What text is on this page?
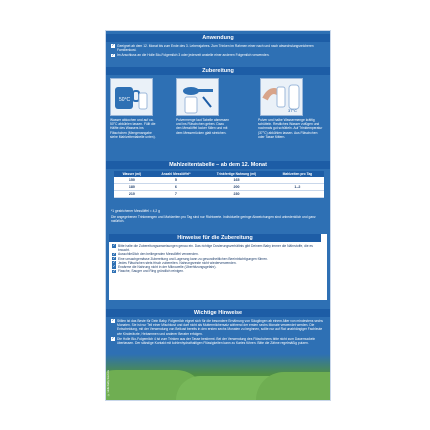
Anwendung

✓ Geeignet ab dem 12. Monat bis zum Ende des 3. Lebensjahres. Zum Trinken im Rahmen einer nach und nach abwechslungsreicheren Familienkost.

✓ Im Anschluss an die Holle Bio-Folgemilch 3 oder jederzeit anstelle einer anderen Folgemilch verwenden.

Zubereitung
50°C
37°C
Wasser abkochen und auf ca. 50°C abkühlen lassen. Füllt die Hälfte des Wassers ins Fläschchen (Mengenangabe siehe Mahlzeitentabelle unten).
Pulvermenge laut Tabelle abmessen und ins Fläschchen geben. Dazu den Messlöffel locker füllen und mit dem Messerrücken glatt streichen.
Pulver und halbe Wassermenge kräftig schütteln. Restliches Wasser zufügen und nochmals gut schütteln. Auf Trinktemperatur (37°C) abkühlen lassen. Aus Fläschchen oder Tasse füttern.
Mahlzeitentabelle – ab dem 12. Monat
Wasser (ml)	Anzahl Messlöffel*	Trinkfertige Nahrung (ml)	Mahlzeiten pro Tag
150	5	165	
180	6	200	1–2
210	7	230	
*1 gestrichener Messlöffel = 4,2 g
Die angegebenen Trinkmengen und Mahlzeiten pro Tag sind nur Richtwerte. Individuelle geringe Abweichungen sind unbedenklich und ganz natürlich.
Hinweise für die Zubereitung

✓ Bitte halte die Zubereitungsanweisungen genau ein. Das richtige Dosierungsverhältnis gibt Deinem Baby immer die Nährstoffe, die es braucht.

✓ Ausschließlich den beiliegenden Messlöffel verwenden.

✓ Eine unsachgemässe Zubereitung und Lagerung kann zu gesundheitlichen Beeinträchtigungen führen.

✓ Jedes Fläschchen stets frisch zubereiten. Nahrungsreste nicht wiederverwenden.

✓ Erwärme die Nahrung nicht in der Mikrowelle (Überhitzungsgefahr).

✓ Flasche, Sauger und Ring gründlich reinigen.

Wichtige Hinweise

✓ Stillen ist das Beste für Dein Baby. Folgemilch eignet sich für die besondere Ernährung von Säuglingen ab einem Alter von mindestens sechs Monaten. Sie ist nur Teil einer Mischkost und darf nicht als Muttermilchersatz während der ersten sechs Monate verwendet werden. Die Entscheidung, mit der Verwendung von Beikost bereits in den ersten sechs Monaten zu beginnen, sollte nur auf Rat unabhängiger Fachleute wie Kinderärzte, Hebammen und anderer Berater erfolgen.

✓ Die Holle Bio-Folgemilch 4 ist zum Trinken aus der Tasse bestimmt. Bei der Verwendung des Fläschchens bitte nicht zum Dauernuckeln überlassen. Der ständige Kontakt mit kohlenhydrathaltigen Flüssigkeiten kann zu Karies führen. Bitte die Zähne regelmäßig putzen.

© Holle baby food AG
